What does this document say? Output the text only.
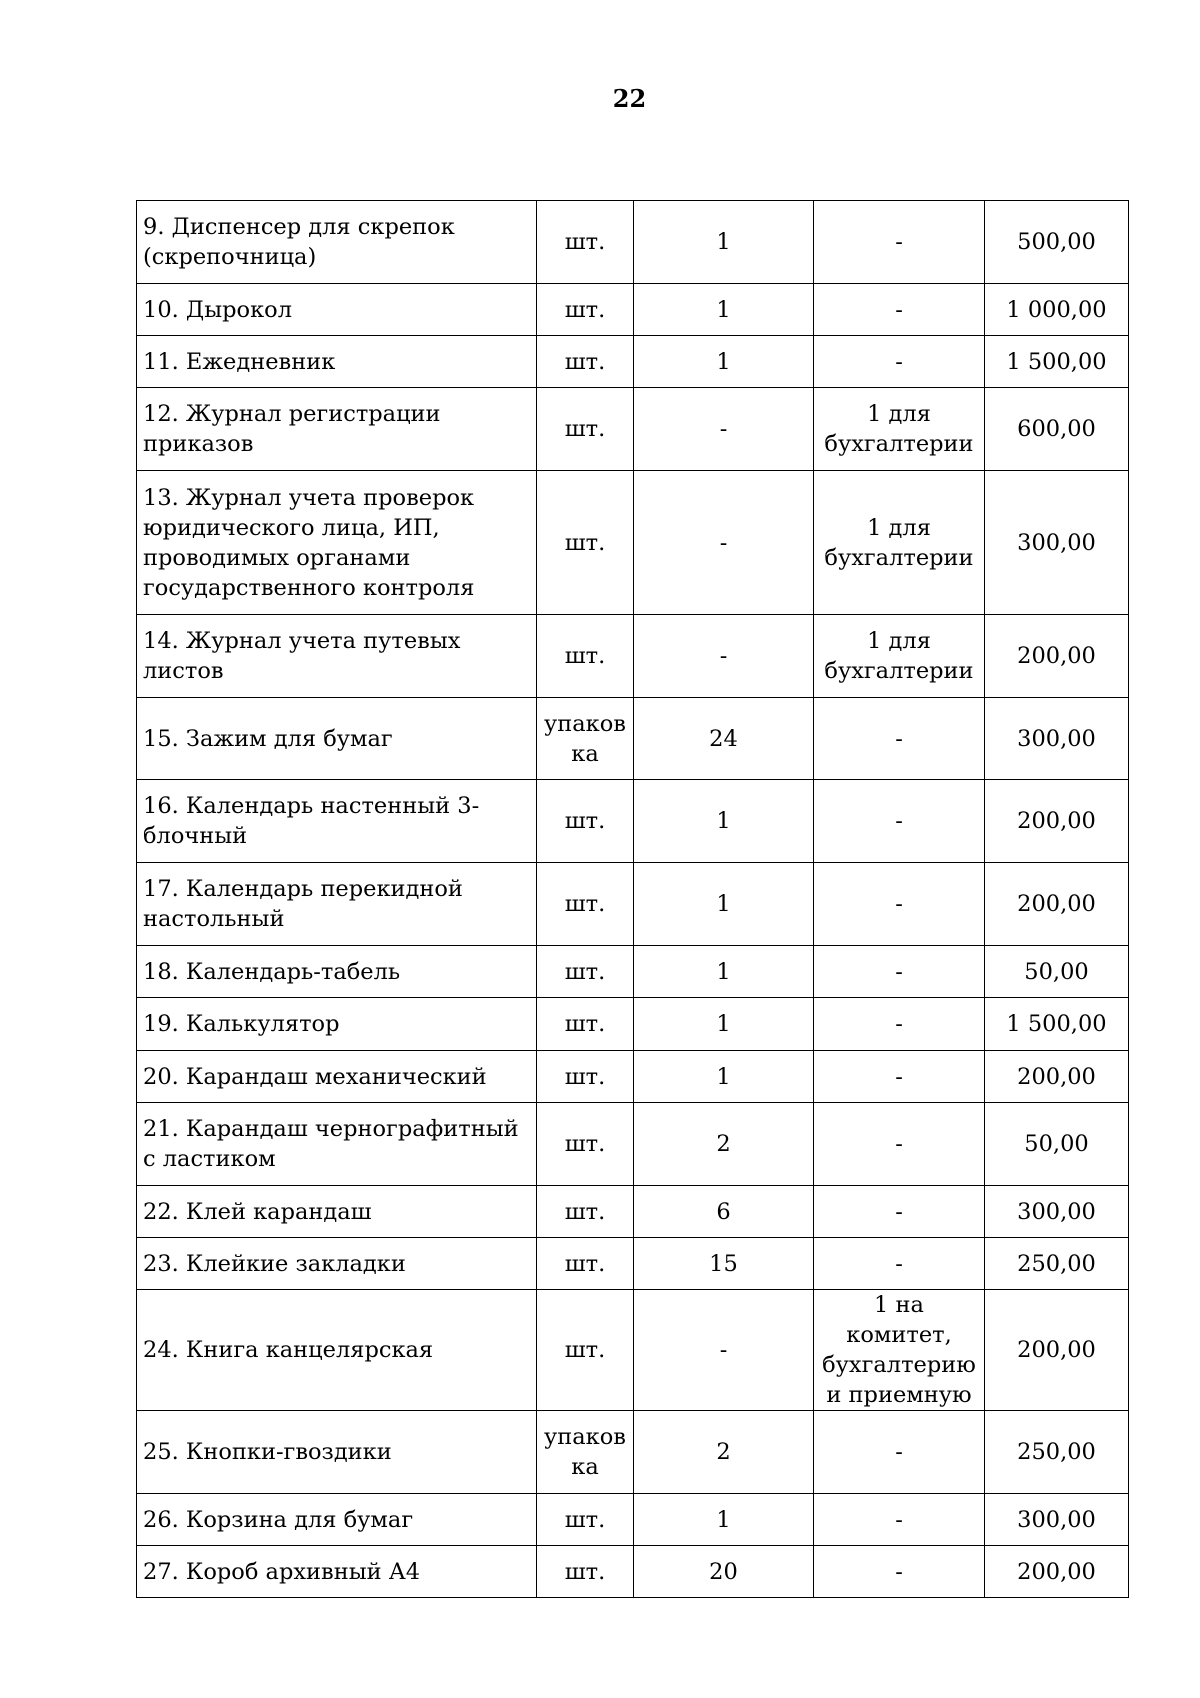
22
9. Диспенсер для скрепок (скрепочница)	шт.	1	-	500,00
10. Дырокол	шт.	1	-	1 000,00
11. Ежедневник	шт.	1	-	1 500,00
12. Журнал регистрации приказов	шт.	-	1 для бухгалтерии	600,00
13. Журнал учета проверок юридического лица, ИП, проводимых органами государственного контроля	шт.	-	1 для бухгалтерии	300,00
14. Журнал учета путевых листов	шт.	-	1 для бухгалтерии	200,00
15. Зажим для бумаг	упаков ка	24	-	300,00
16. Календарь настенный 3-блочный	шт.	1	-	200,00
17. Календарь перекидной настольный	шт.	1	-	200,00
18. Календарь-табель	шт.	1	-	50,00
19. Калькулятор	шт.	1	-	1 500,00
20. Карандаш механический	шт.	1	-	200,00
21. Карандаш чернографитный с ластиком	шт.	2	-	50,00
22. Клей карандаш	шт.	6	-	300,00
23. Клейкие закладки	шт.	15	-	250,00
24. Книга канцелярская	шт.	-	1 на комитет, бухгалтерию и приемную	200,00
25. Кнопки-гвоздики	упаков ка	2	-	250,00
26. Корзина для бумаг	шт.	1	-	300,00
27. Короб архивный А4	шт.	20	-	200,00
